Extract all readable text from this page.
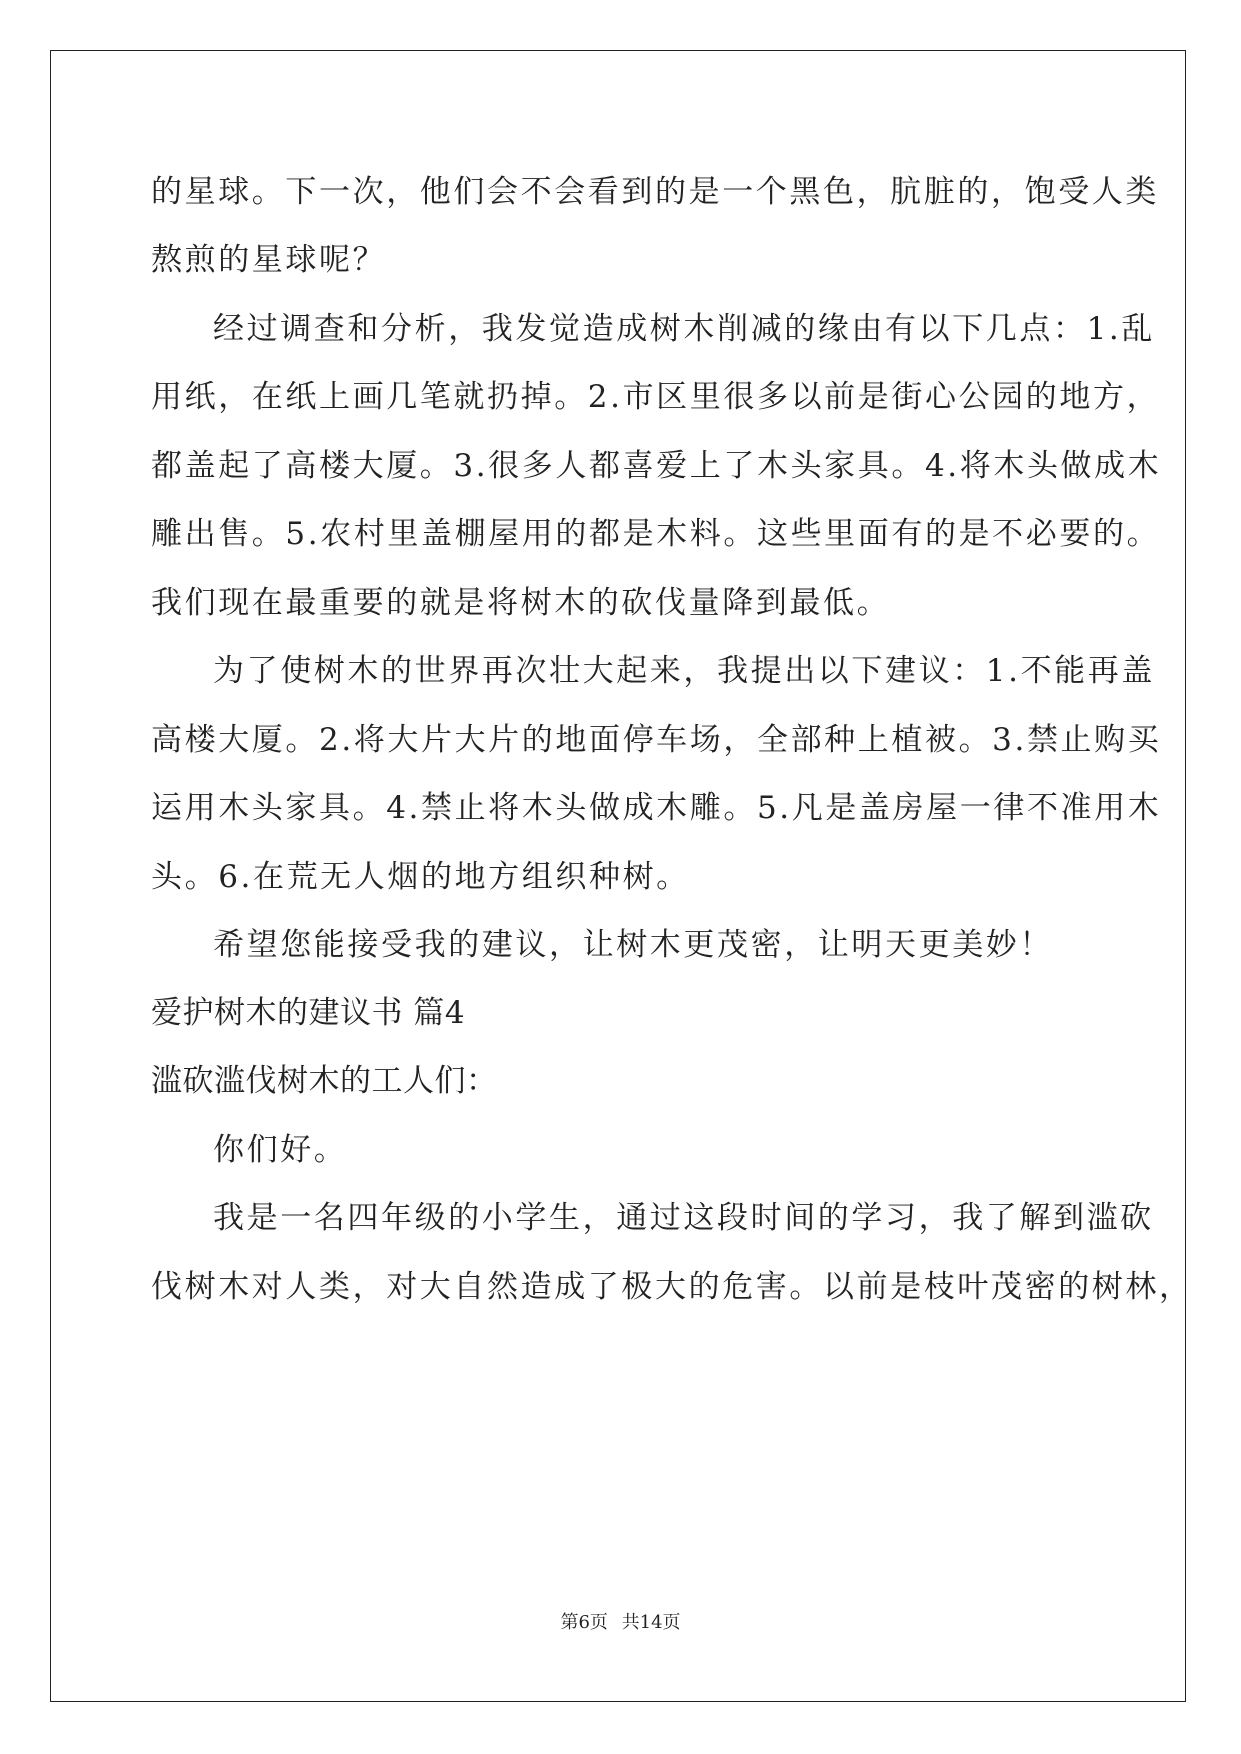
的星球。下一次，他们会不会看到的是一个黑色，肮脏的，饱受人类
熬煎的星球呢？
经过调查和分析，我发觉造成树木削减的缘由有以下几点：1.乱
用纸，在纸上画几笔就扔掉。2.市区里很多以前是街心公园的地方，
都盖起了高楼大厦。3.很多人都喜爱上了木头家具。4.将木头做成木
雕出售。5.农村里盖棚屋用的都是木料。这些里面有的是不必要的。
我们现在最重要的就是将树木的砍伐量降到最低。
为了使树木的世界再次壮大起来，我提出以下建议：1.不能再盖
高楼大厦。2.将大片大片的地面停车场，全部种上植被。3.禁止购买
运用木头家具。4.禁止将木头做成木雕。5.凡是盖房屋一律不准用木
头。6.在荒无人烟的地方组织种树。
希望您能接受我的建议，让树木更茂密，让明天更美妙！
爱护树木的建议书 篇4
滥砍滥伐树木的工人们：
你们好。
我是一名四年级的小学生，通过这段时间的学习，我了解到滥砍
伐树木对人类，对大自然造成了极大的危害。以前是枝叶茂密的树林，
第6页 共14页
